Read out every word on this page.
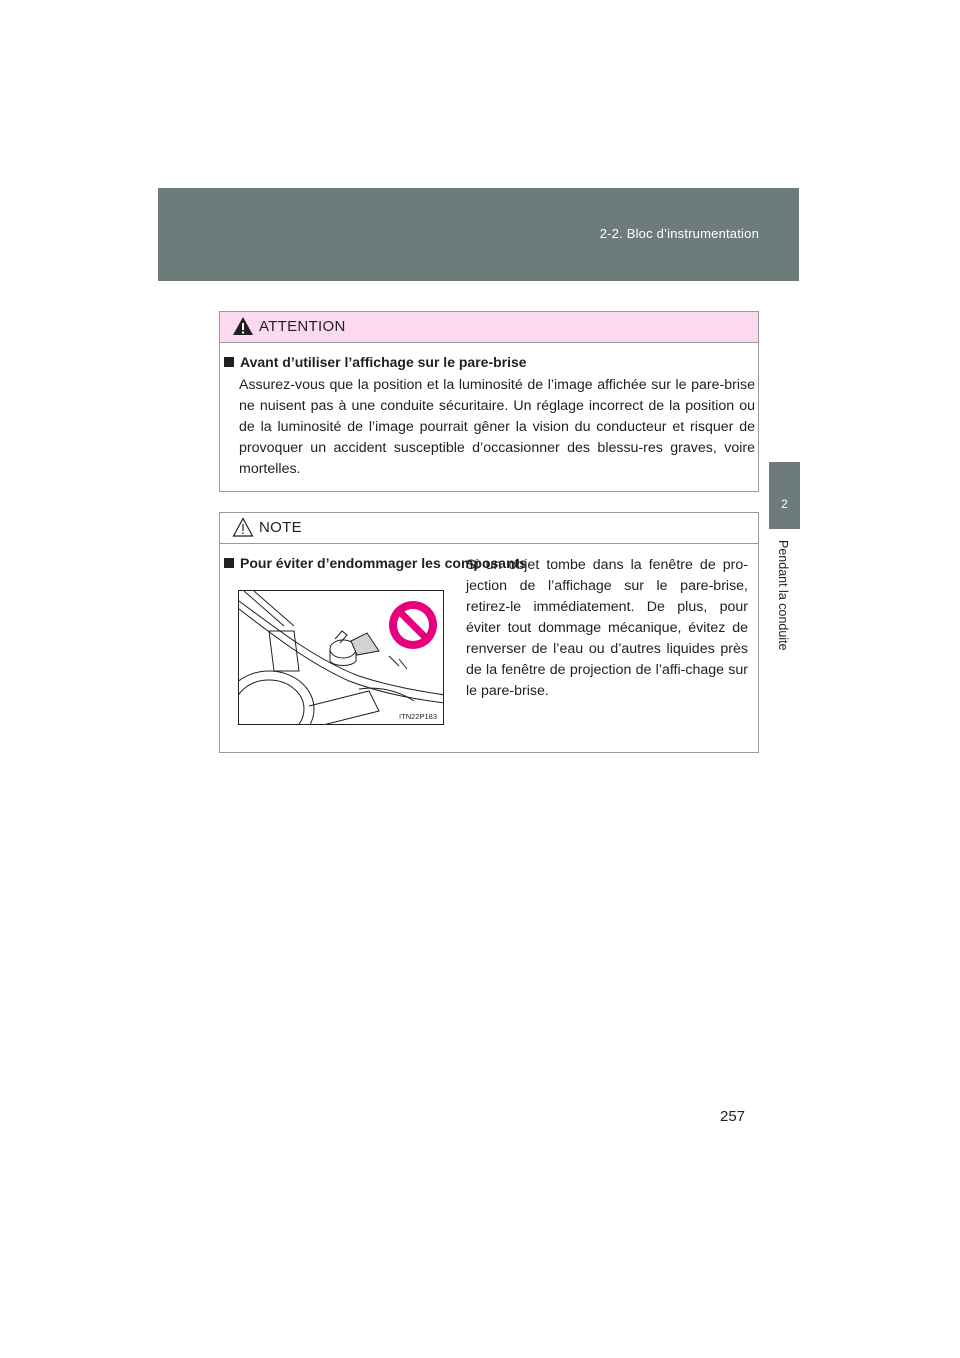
2-2. Bloc d’instrumentation
2
Pendant la conduite
ATTENTION
Avant d’utiliser l’affichage sur le pare-brise
Assurez-vous que la position et la luminosité de l’image affichée sur le pare-brise ne nuisent pas à une conduite sécuritaire. Un réglage incorrect de la position ou de la luminosité de l’image pourrait gêner la vision du conducteur et risquer de provoquer un accident susceptible d’occasionner des blessu-res graves, voire mortelles.
NOTE
Pour éviter d’endommager les composants
ITN22P183
Si un objet tombe dans la fenêtre de pro-jection de l’affichage sur le pare-brise, retirez-le immédiatement. De plus, pour éviter tout dommage mécanique, évitez de renverser de l’eau ou d’autres liquides près de la fenêtre de projection de l’affi-chage sur le pare-brise.
257
